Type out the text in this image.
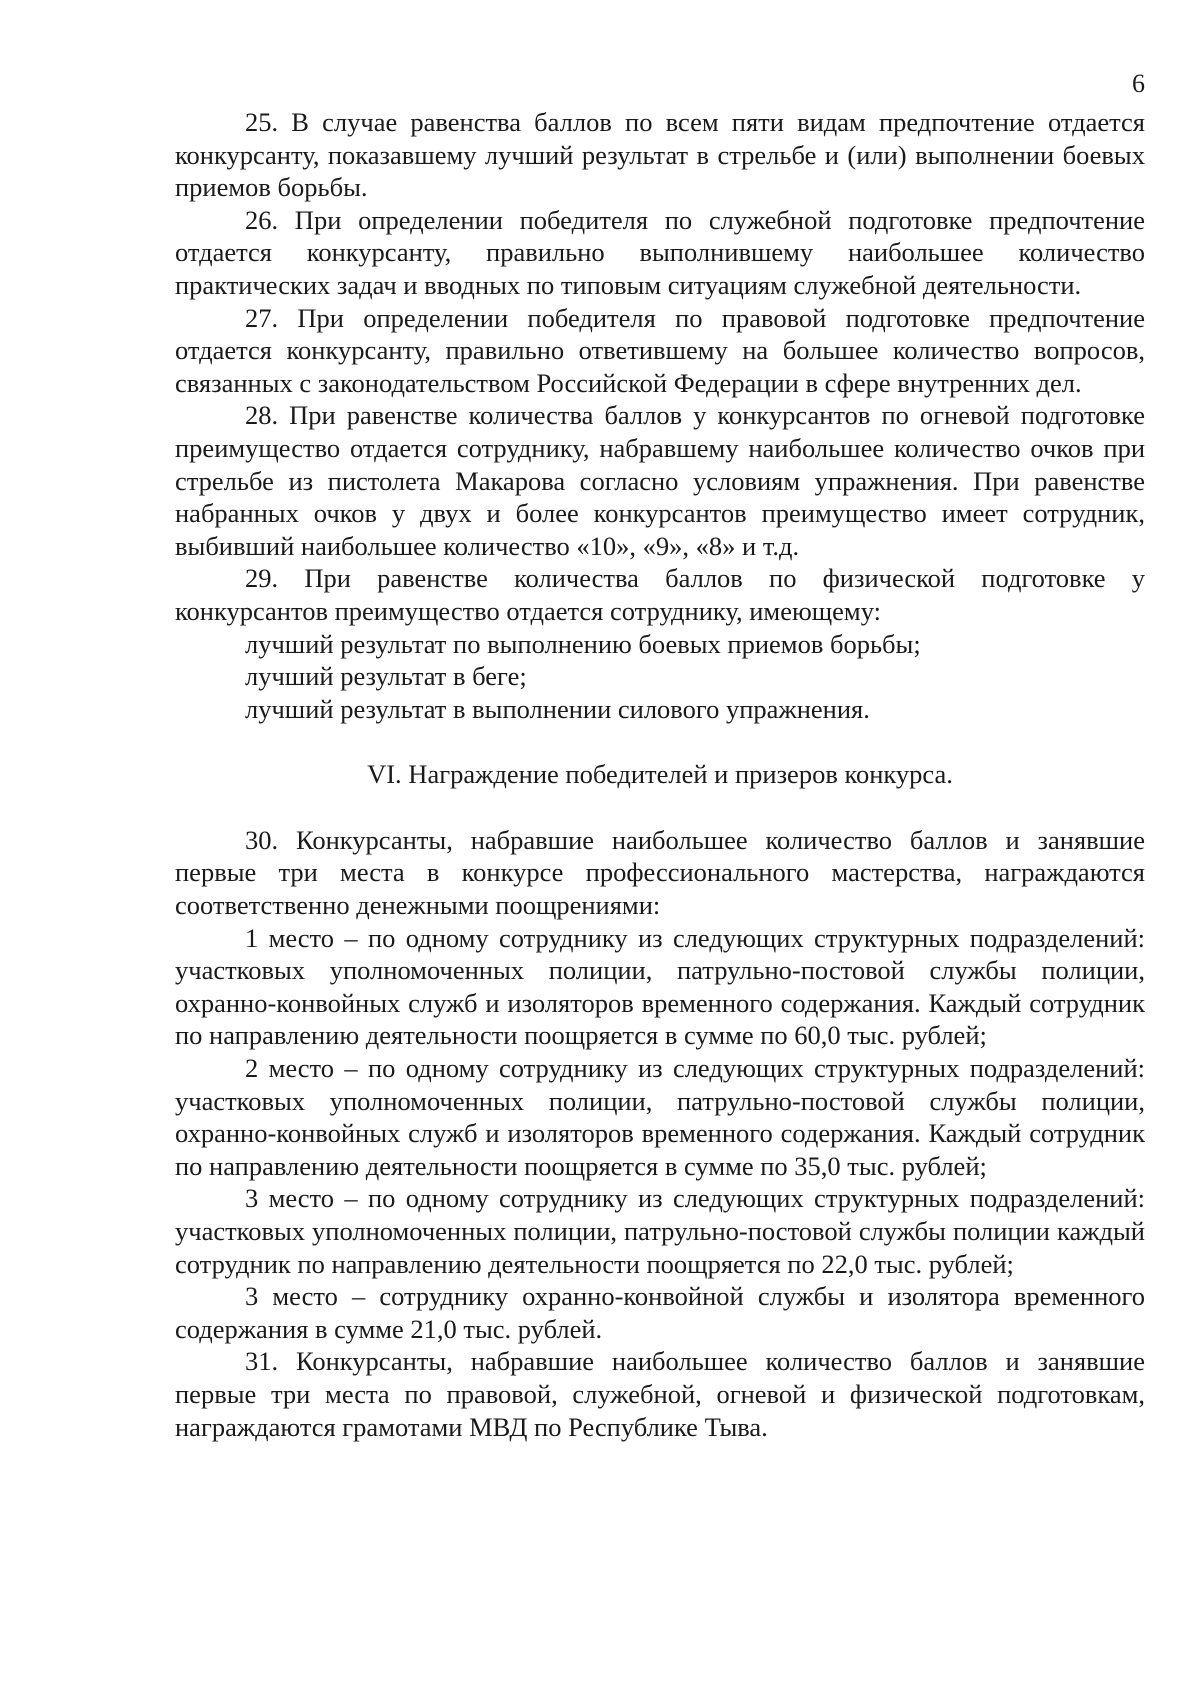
6

25. В случае равенства баллов по всем пяти видам предпочтение отдается конкурсанту, показавшему лучший результат в стрельбе и (или) выполнении боевых приемов борьбы.

26. При определении победителя по служебной подготовке предпочтение отдается конкурсанту, правильно выполнившему наибольшее количество практических задач и вводных по типовым ситуациям служебной деятельности.

27. При определении победителя по правовой подготовке предпочтение отдается конкурсанту, правильно ответившему на большее количество вопросов, связанных с законодательством Российской Федерации в сфере внутренних дел.

28. При равенстве количества баллов у конкурсантов по огневой подготовке преимущество отдается сотруднику, набравшему наибольшее количество очков при стрельбе из пистолета Макарова согласно условиям упражнения. При равенстве набранных очков у двух и более конкурсантов преимущество имеет сотрудник, выбивший наибольшее количество «10», «9», «8» и т.д.

29. При равенстве количества баллов по физической подготовке у конкурсантов преимущество отдается сотруднику, имеющему:

лучший результат по выполнению боевых приемов борьбы;

лучший результат в беге;

лучший результат в выполнении силового упражнения.

VI. Награждение победителей и призеров конкурса.

30. Конкурсанты, набравшие наибольшее количество баллов и занявшие первые три места в конкурсе профессионального мастерства, награждаются соответственно денежными поощрениями:

1 место – по одному сотруднику из следующих структурных подразделений: участковых уполномоченных полиции, патрульно-постовой службы полиции, охранно-конвойных служб и изоляторов временного содержания. Каждый сотрудник по направлению деятельности поощряется в сумме по 60,0 тыс. рублей;

2 место – по одному сотруднику из следующих структурных подразделений: участковых уполномоченных полиции, патрульно-постовой службы полиции, охранно-конвойных служб и изоляторов временного содержания. Каждый сотрудник по направлению деятельности поощряется в сумме по 35,0 тыс. рублей;

3 место – по одному сотруднику из следующих структурных подразделений: участковых уполномоченных полиции, патрульно-постовой службы полиции каждый сотрудник по направлению деятельности поощряется по 22,0 тыс. рублей;

3 место – сотруднику охранно-конвойной службы и изолятора временного содержания в сумме 21,0 тыс. рублей.

31. Конкурсанты, набравшие наибольшее количество баллов и занявшие первые три места по правовой, служебной, огневой и физической подготовкам, награждаются грамотами МВД по Республике Тыва.
